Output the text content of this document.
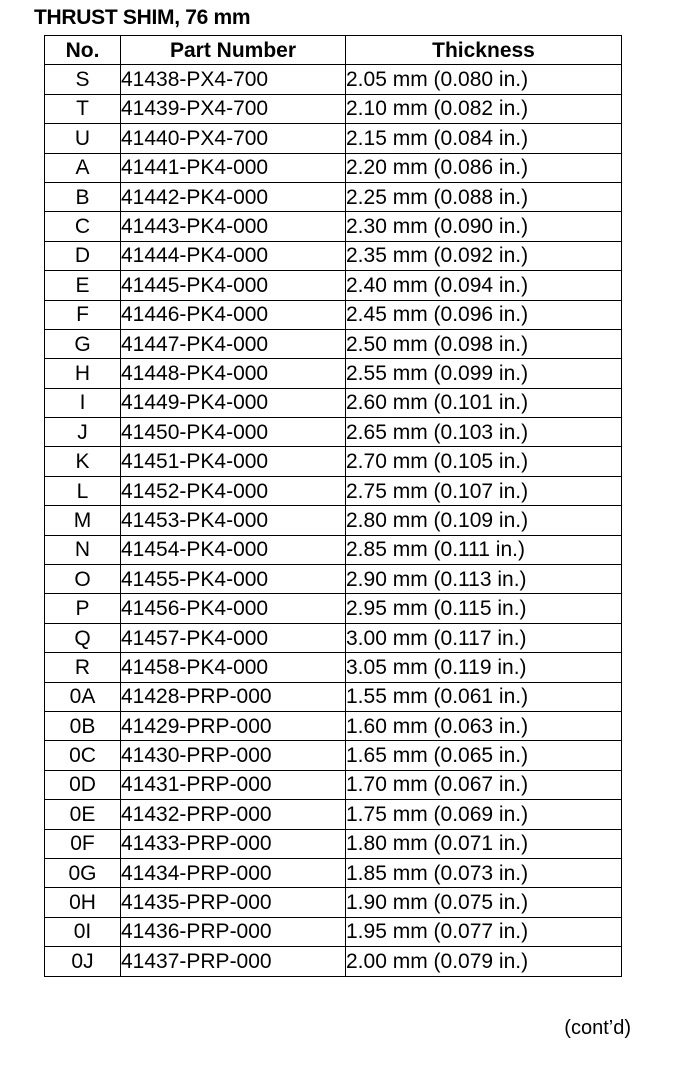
THRUST SHIM, 76 mm
No.	Part Number	Thickness
S	41438-PX4-700	2.05 mm (0.080 in.)
T	41439-PX4-700	2.10 mm (0.082 in.)
U	41440-PX4-700	2.15 mm (0.084 in.)
A	41441-PK4-000	2.20 mm (0.086 in.)
B	41442-PK4-000	2.25 mm (0.088 in.)
C	41443-PK4-000	2.30 mm (0.090 in.)
D	41444-PK4-000	2.35 mm (0.092 in.)
E	41445-PK4-000	2.40 mm (0.094 in.)
F	41446-PK4-000	2.45 mm (0.096 in.)
G	41447-PK4-000	2.50 mm (0.098 in.)
H	41448-PK4-000	2.55 mm (0.099 in.)
I	41449-PK4-000	2.60 mm (0.101 in.)
J	41450-PK4-000	2.65 mm (0.103 in.)
K	41451-PK4-000	2.70 mm (0.105 in.)
L	41452-PK4-000	2.75 mm (0.107 in.)
M	41453-PK4-000	2.80 mm (0.109 in.)
N	41454-PK4-000	2.85 mm (0.111 in.)
O	41455-PK4-000	2.90 mm (0.113 in.)
P	41456-PK4-000	2.95 mm (0.115 in.)
Q	41457-PK4-000	3.00 mm (0.117 in.)
R	41458-PK4-000	3.05 mm (0.119 in.)
0A	41428-PRP-000	1.55 mm (0.061 in.)
0B	41429-PRP-000	1.60 mm (0.063 in.)
0C	41430-PRP-000	1.65 mm (0.065 in.)
0D	41431-PRP-000	1.70 mm (0.067 in.)
0E	41432-PRP-000	1.75 mm (0.069 in.)
0F	41433-PRP-000	1.80 mm (0.071 in.)
0G	41434-PRP-000	1.85 mm (0.073 in.)
0H	41435-PRP-000	1.90 mm (0.075 in.)
0I	41436-PRP-000	1.95 mm (0.077 in.)
0J	41437-PRP-000	2.00 mm (0.079 in.)
(cont’d)
